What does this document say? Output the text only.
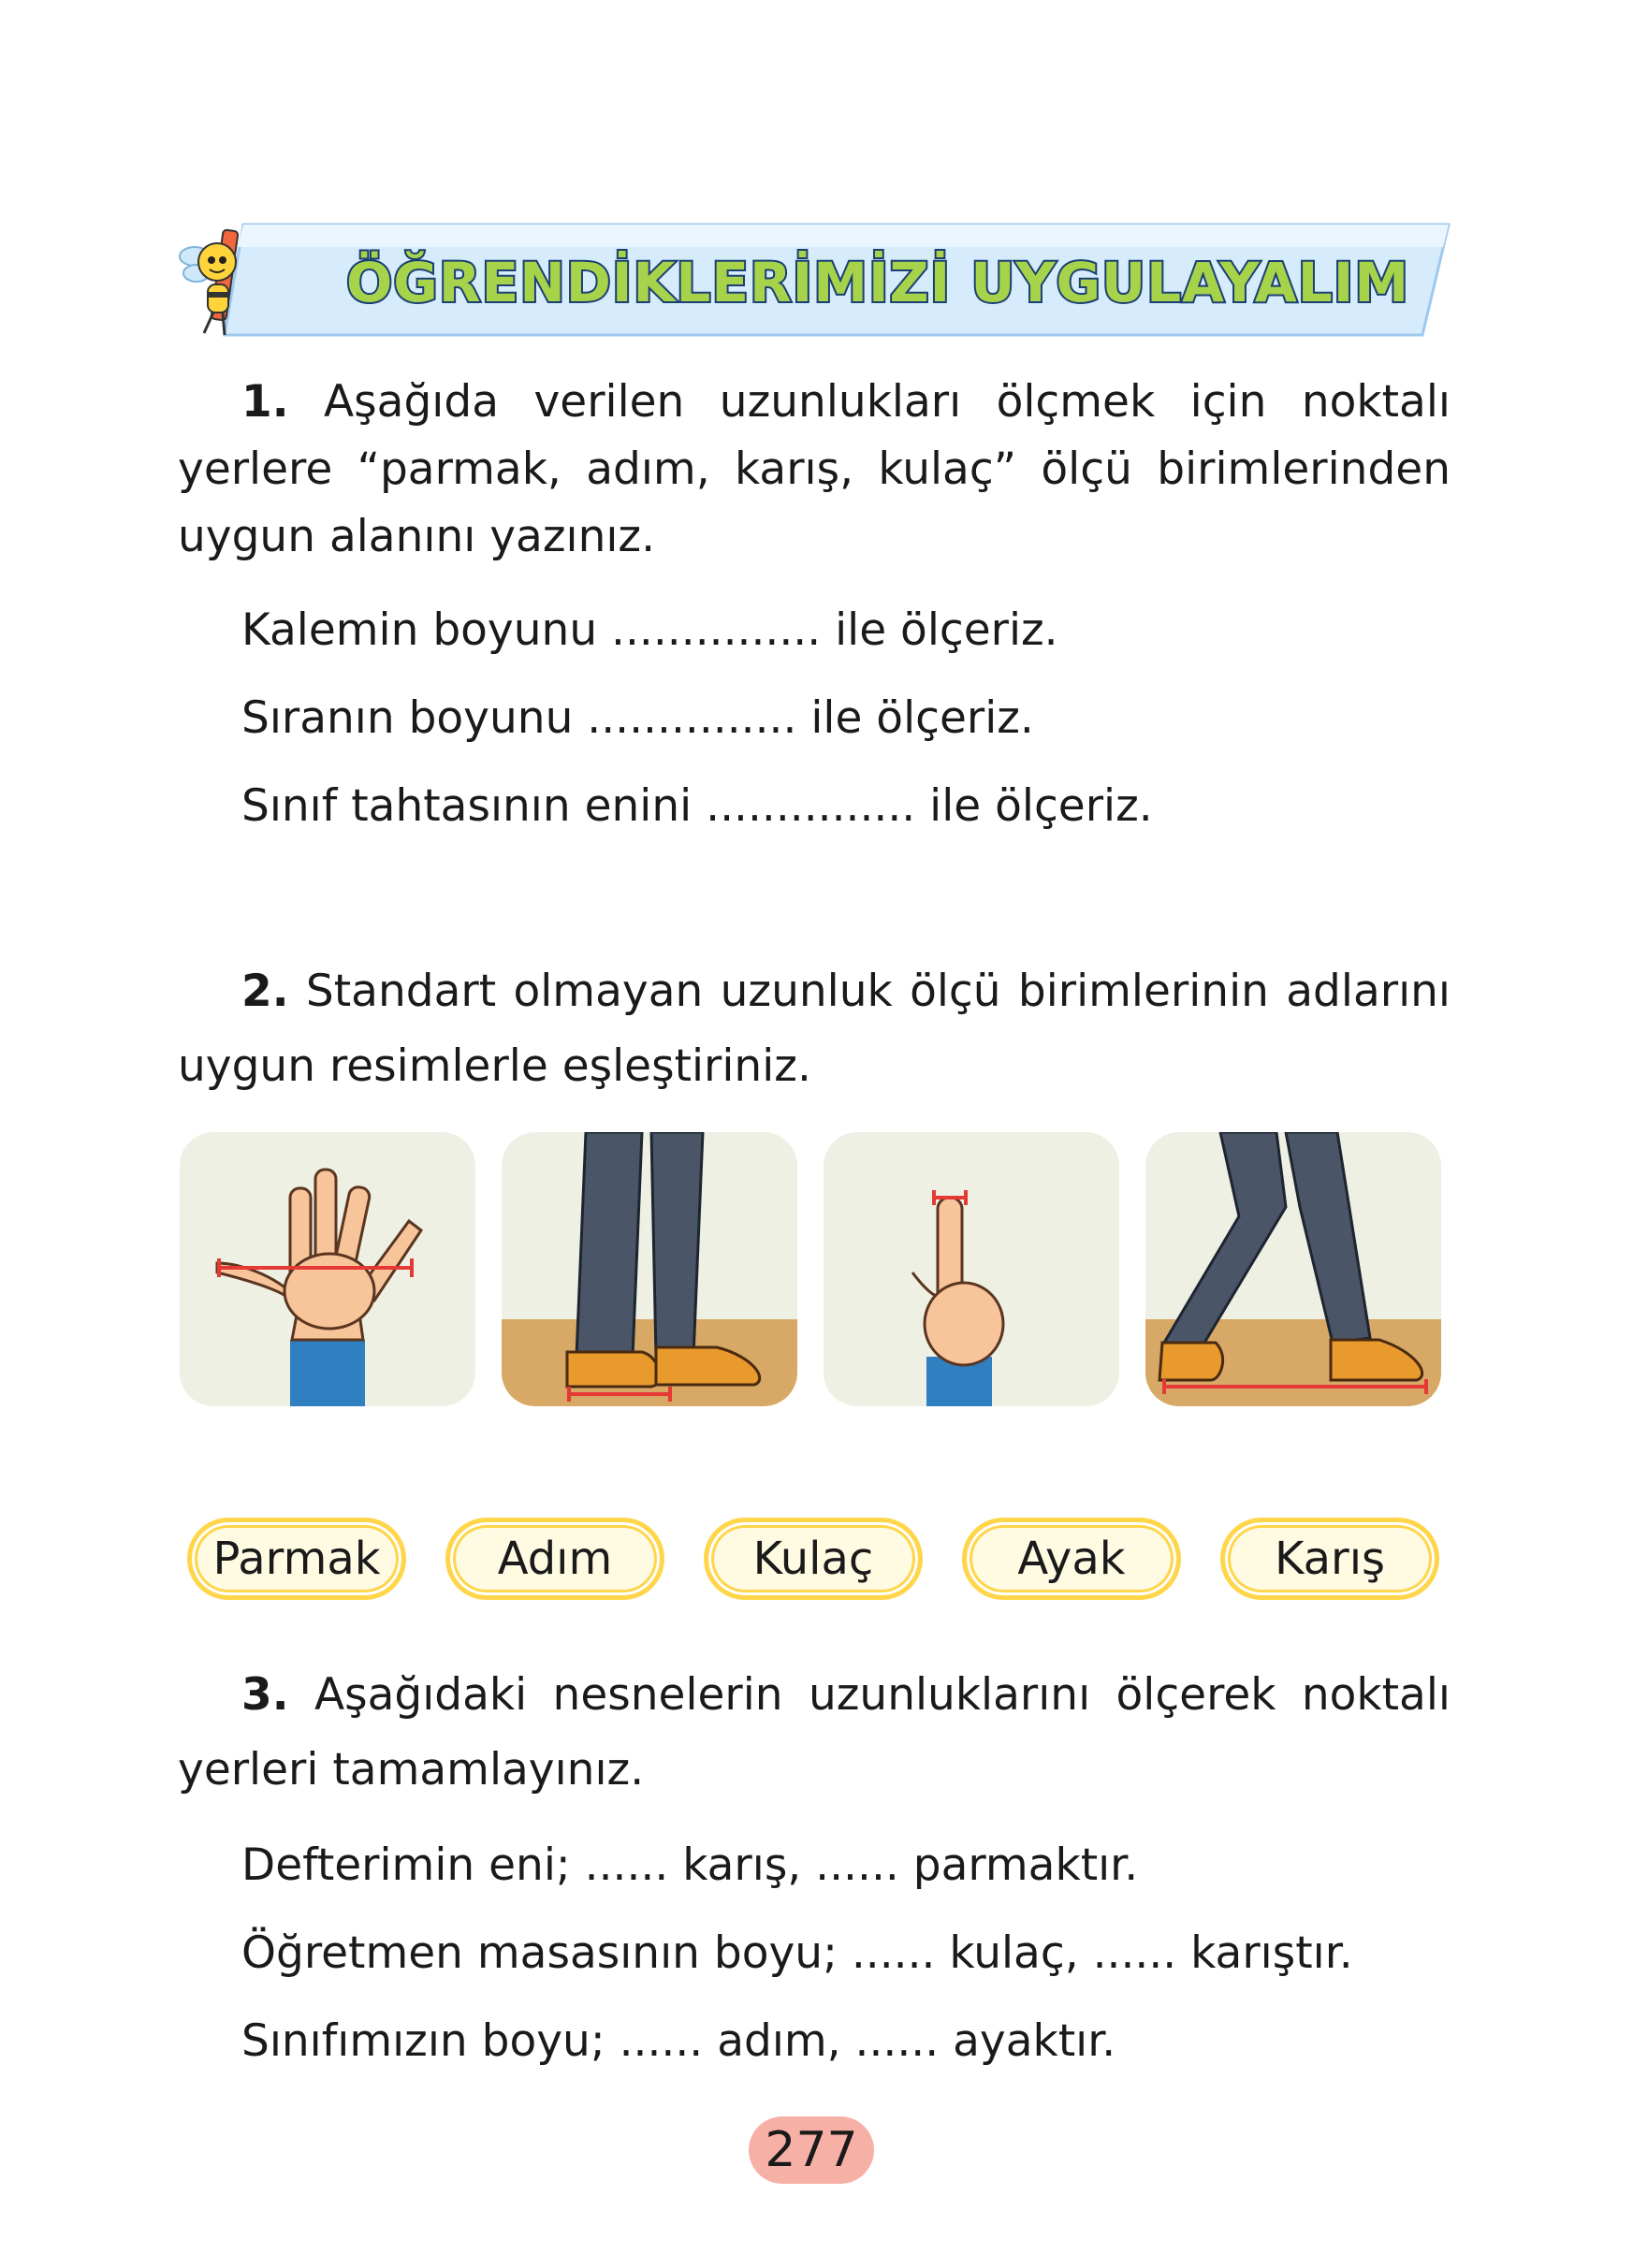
ÖĞRENDİKLERİMİZİ UYGULAYALIM
1. Aşağıda verilen uzunlukları ölçmek için noktalı yerlere “parmak, adım, karış, kulaç” ölçü birimlerinden uygun alanını yazınız.
Kalemin boyunu ............... ile ölçeriz.
Sıranın boyunu ............... ile ölçeriz.
Sınıf tahtasının enini ............... ile ölçeriz.
2. Standart olmayan uzunluk ölçü birimlerinin adlarını uygun resimlerle eşleştiriniz.
Parmak	Adım	Kulaç	Ayak	Karış
3. Aşağıdaki nesnelerin uzunluklarını ölçerek noktalı yerleri tamamlayınız.
Defterimin eni; ...... karış, ...... parmaktır.
Öğretmen masasının boyu; ...... kulaç, ...... karıştır.
Sınıfımızın boyu; ...... adım, ...... ayaktır.
277
